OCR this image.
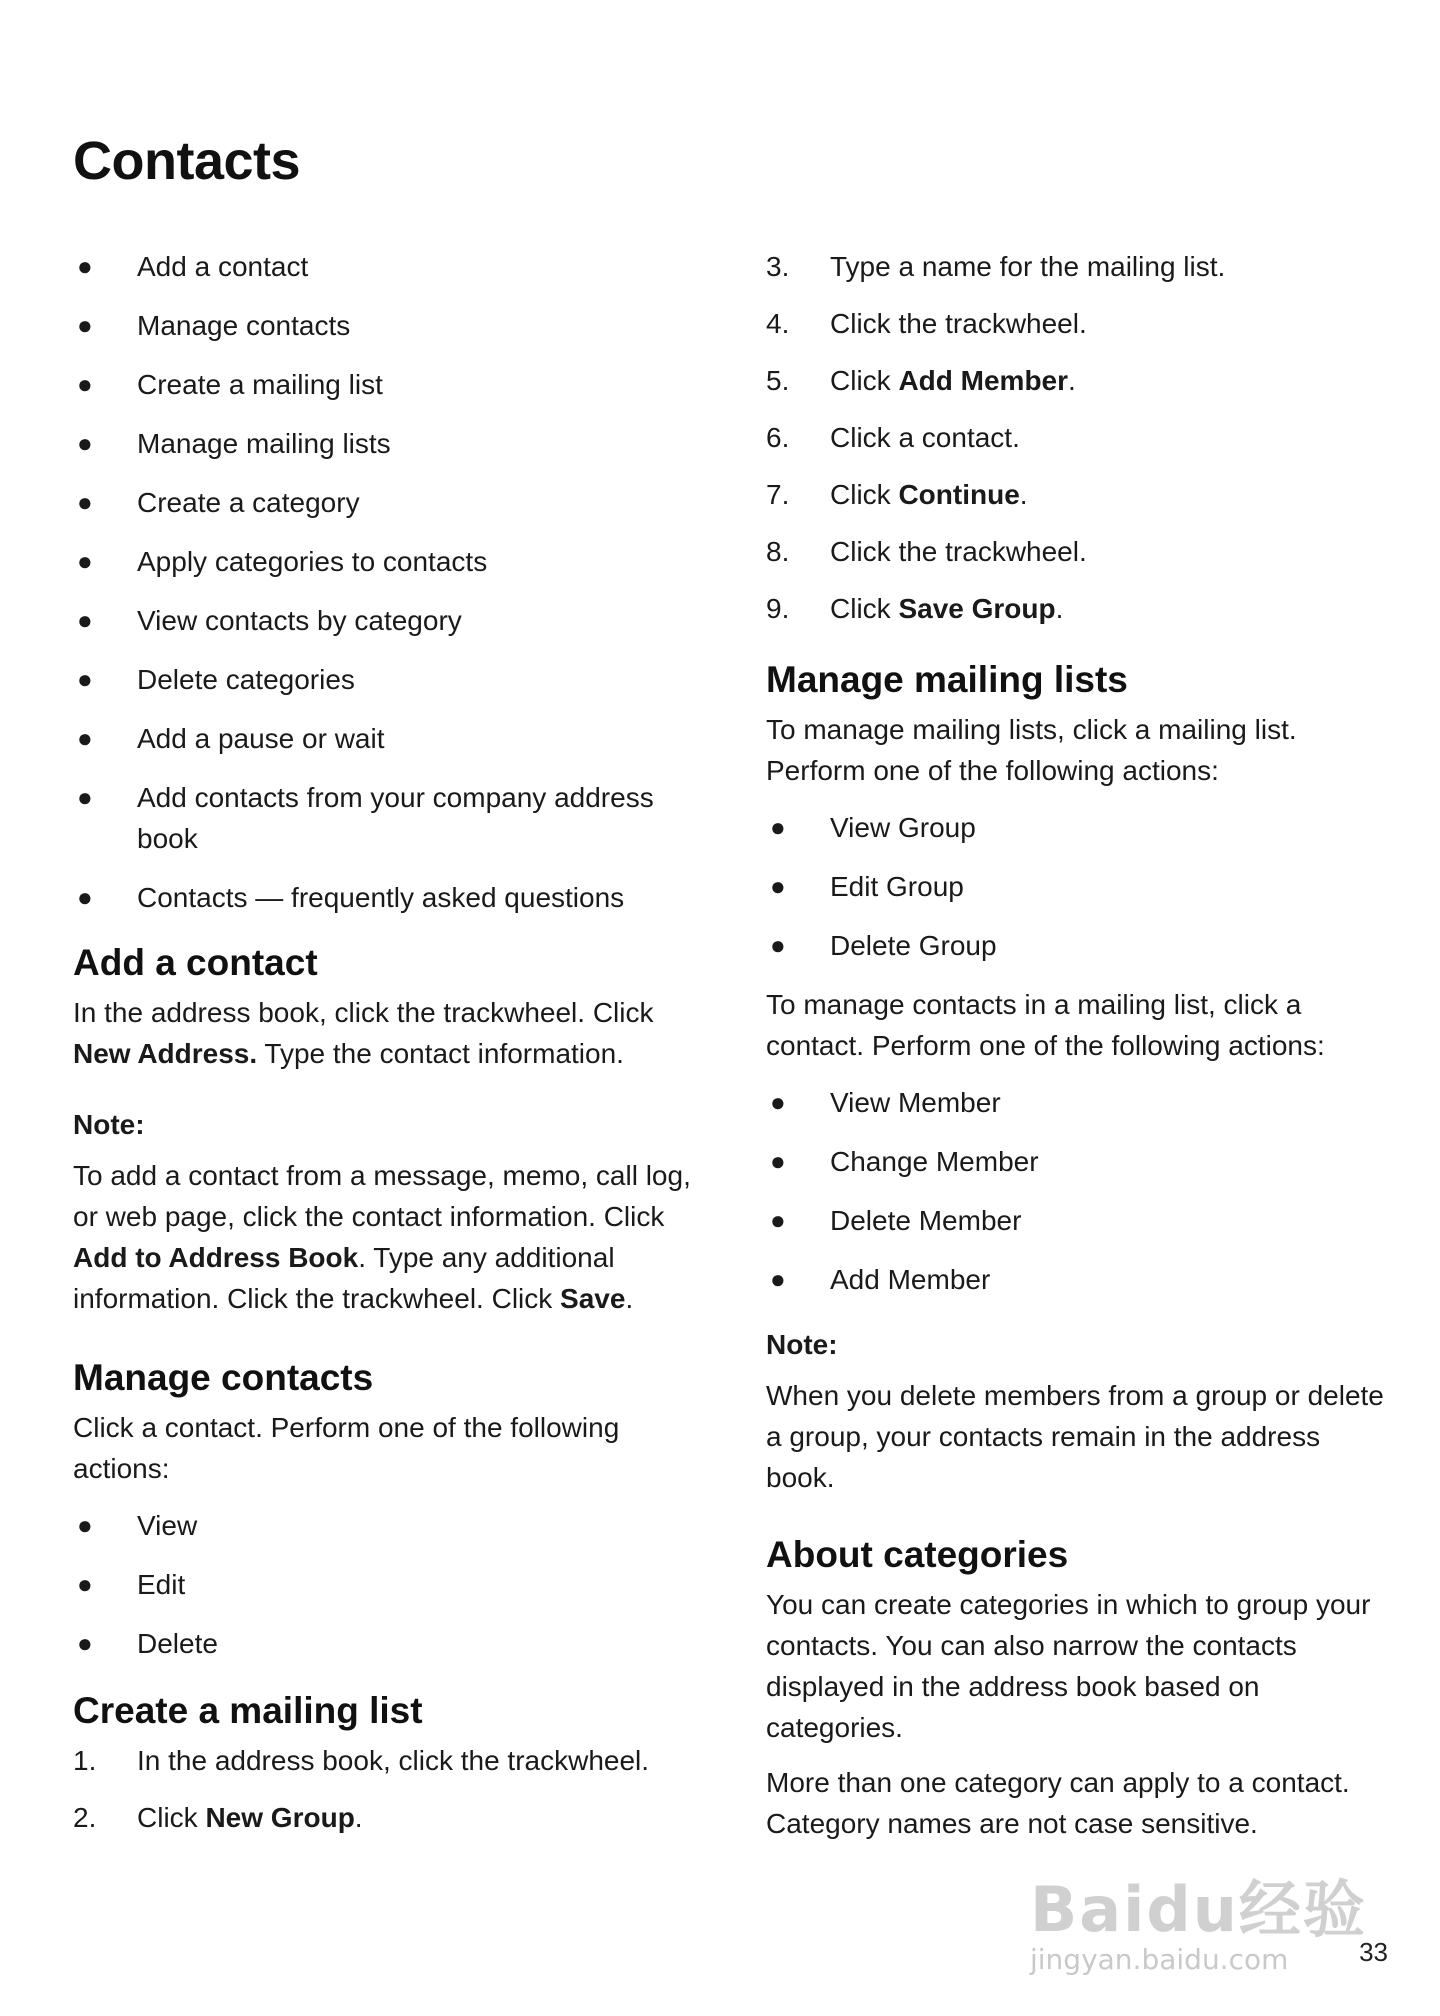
Contacts
● Add a contact
● Manage contacts
● Create a mailing list
● Manage mailing lists
● Create a category
● Apply categories to contacts
● View contacts by category
● Delete categories
● Add a pause or wait
● Add contacts from your company address book
● Contacts — frequently asked questions
Add a contact

In the address book, click the trackwheel. Click
New Address. Type the contact information.

Note:

To add a contact from a message, memo, call log, or web page, click the contact information. Click Add to Address Book. Type any additional information. Click the trackwheel. Click Save.

Manage contacts

Click a contact. Perform one of the following actions:

● View
● Edit
● Delete
Create a mailing list
1. In the address book, click the trackwheel.
2. Click New Group.
3. Type a name for the mailing list.
4. Click the trackwheel.
5. Click Add Member.
6. Click a contact.
7. Click Continue.
8. Click the trackwheel.
9. Click Save Group.
Manage mailing lists

To manage mailing lists, click a mailing list. Perform one of the following actions:

● View Group
● Edit Group
● Delete Group

To manage contacts in a mailing list, click a contact. Perform one of the following actions:

● View Member
● Change Member
● Delete Member
● Add Member
Note:

When you delete members from a group or delete a group, your contacts remain in the address book.

About categories

You can create categories in which to group your contacts. You can also narrow the contacts displayed in the address book based on categories.

More than one category can apply to a contact. Category names are not case sensitive.

Baidu经验
jingyan.baidu.com	33
